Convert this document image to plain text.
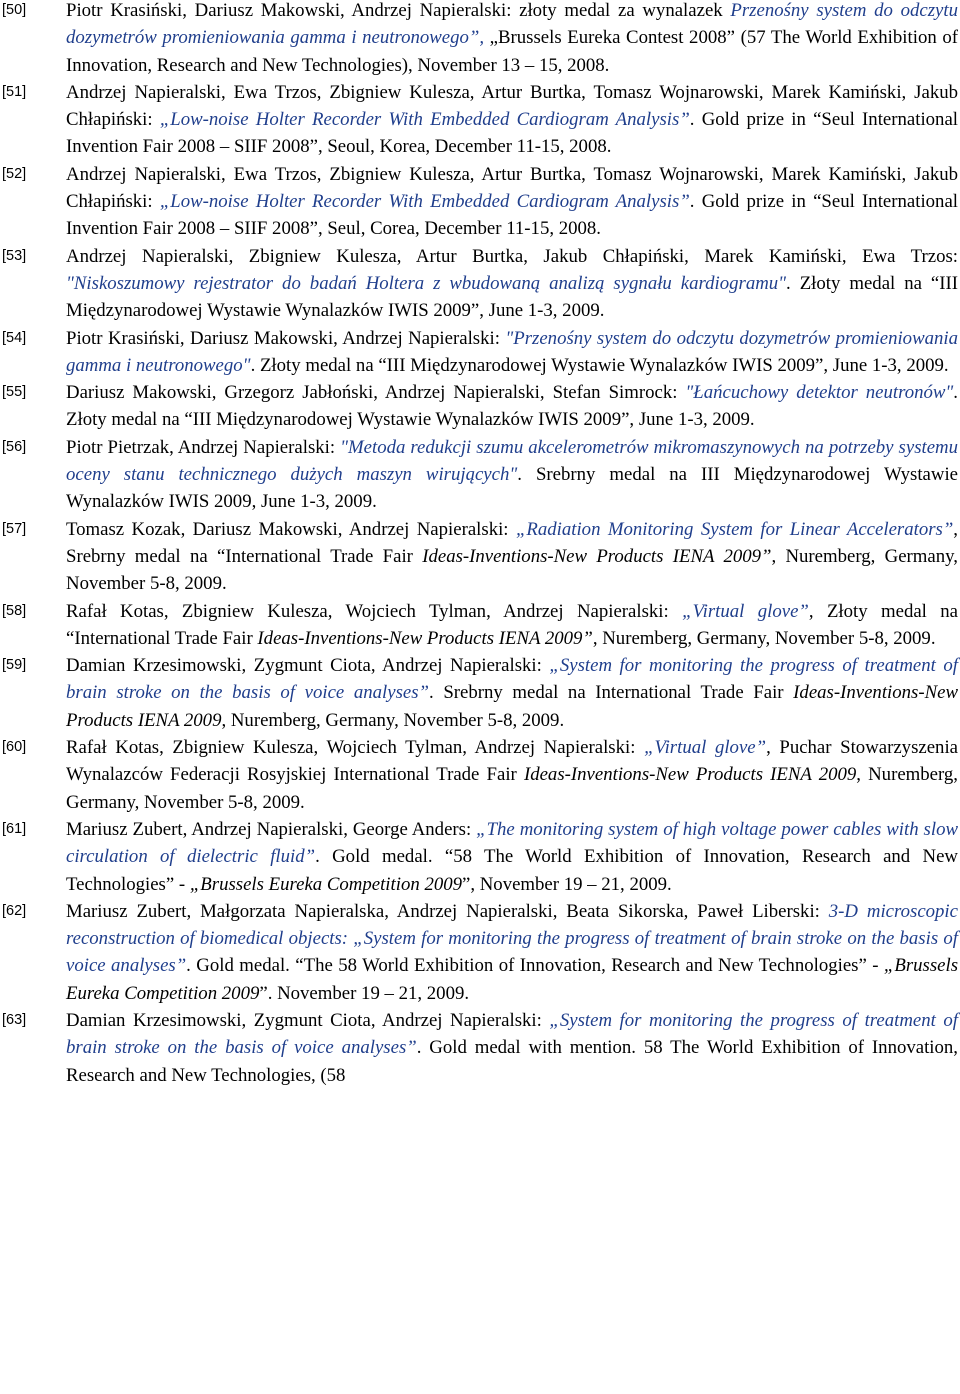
[50] Piotr Krasiński, Dariusz Makowski, Andrzej Napieralski: złoty medal za wynalazek Przenośny system do odczytu dozymetrów promieniowania gamma i neutronowego”, „Brussels Eureka Contest 2008” (57 The World Exhibition of Innovation, Research and New Technologies), November 13 – 15, 2008.
[51] Andrzej Napieralski, Ewa Trzos, Zbigniew Kulesza, Artur Burtka, Tomasz Wojnarowski, Marek Kamiński, Jakub Chłapiński: „Low-noise Holter Recorder With Embedded Cardiogram Analysis”. Gold prize in “Seul International Invention Fair 2008 – SIIF 2008”, Seoul, Korea, December 11-15, 2008.
[52] Andrzej Napieralski, Ewa Trzos, Zbigniew Kulesza, Artur Burtka, Tomasz Wojnarowski, Marek Kamiński, Jakub Chłapiński: „Low-noise Holter Recorder With Embedded Cardiogram Analysis”. Gold prize in “Seul International Invention Fair 2008 – SIIF 2008”, Seul, Corea, December 11-15, 2008.
[53] Andrzej Napieralski, Zbigniew Kulesza, Artur Burtka, Jakub Chłapiński, Marek Kamiński, Ewa Trzos: "Niskoszumowy rejestrator do badań Holtera z wbudowaną analizą sygnału kardiogramu". Złoty medal na “III Międzynarodowej Wystawie Wynalazków IWIS 2009”, June 1-3, 2009.
[54] Piotr Krasiński, Dariusz Makowski, Andrzej Napieralski: "Przenośny system do odczytu dozymetrów promieniowania gamma i neutronowego". Złoty medal na “III Międzynarodowej Wystawie Wynalazków IWIS 2009”, June 1-3, 2009.
[55] Dariusz Makowski, Grzegorz Jabłoński, Andrzej Napieralski, Stefan Simrock: "Łańcuchowy detektor neutronów". Złoty medal na “III Międzynarodowej Wystawie Wynalazków IWIS 2009”, June 1-3, 2009.
[56] Piotr Pietrzak, Andrzej Napieralski: "Metoda redukcji szumu akcelerometrów mikromaszynowych na potrzeby systemu oceny stanu technicznego dużych maszyn wirujących". Srebrny medal na III Międzynarodowej Wystawie Wynalazków IWIS 2009, June 1-3, 2009.
[57] Tomasz Kozak, Dariusz Makowski, Andrzej Napieralski: „Radiation Monitoring System for Linear Accelerators”, Srebrny medal na “International Trade Fair Ideas-Inventions-New Products IENA 2009”, Nuremberg, Germany, November 5-8, 2009.
[58] Rafał Kotas, Zbigniew Kulesza, Wojciech Tylman, Andrzej Napieralski: „Virtual glove”, Złoty medal na “International Trade Fair Ideas-Inventions-New Products IENA 2009”, Nuremberg, Germany, November 5-8, 2009.
[59] Damian Krzesimowski, Zygmunt Ciota, Andrzej Napieralski: „System for monitoring the progress of treatment of brain stroke on the basis of voice analyses”. Srebrny medal na International Trade Fair Ideas-Inventions-New Products IENA 2009, Nuremberg, Germany, November 5-8, 2009.
[60] Rafał Kotas, Zbigniew Kulesza, Wojciech Tylman, Andrzej Napieralski: „Virtual glove”, Puchar Stowarzyszenia Wynalazców Federacji Rosyjskiej International Trade Fair Ideas-Inventions-New Products IENA 2009, Nuremberg, Germany, November 5-8, 2009.
[61] Mariusz Zubert, Andrzej Napieralski, George Anders: „The monitoring system of high voltage power cables with slow circulation of dielectric fluid”. Gold medal. “58 The World Exhibition of Innovation, Research and New Technologies” - „Brussels Eureka Competition 2009”, November 19 – 21, 2009.
[62] Mariusz Zubert, Małgorzata Napieralska, Andrzej Napieralski, Beata Sikorska, Paweł Liberski: 3-D microscopic reconstruction of biomedical objects: „System for monitoring the progress of treatment of brain stroke on the basis of voice analyses”. Gold medal. “The 58 World Exhibition of Innovation, Research and New Technologies” - „Brussels Eureka Competition 2009”. November 19 – 21, 2009.
[63] Damian Krzesimowski, Zygmunt Ciota, Andrzej Napieralski: „System for monitoring the progress of treatment of brain stroke on the basis of voice analyses”. Gold medal with mention. 58 The World Exhibition of Innovation, Research and New Technologies, (58
